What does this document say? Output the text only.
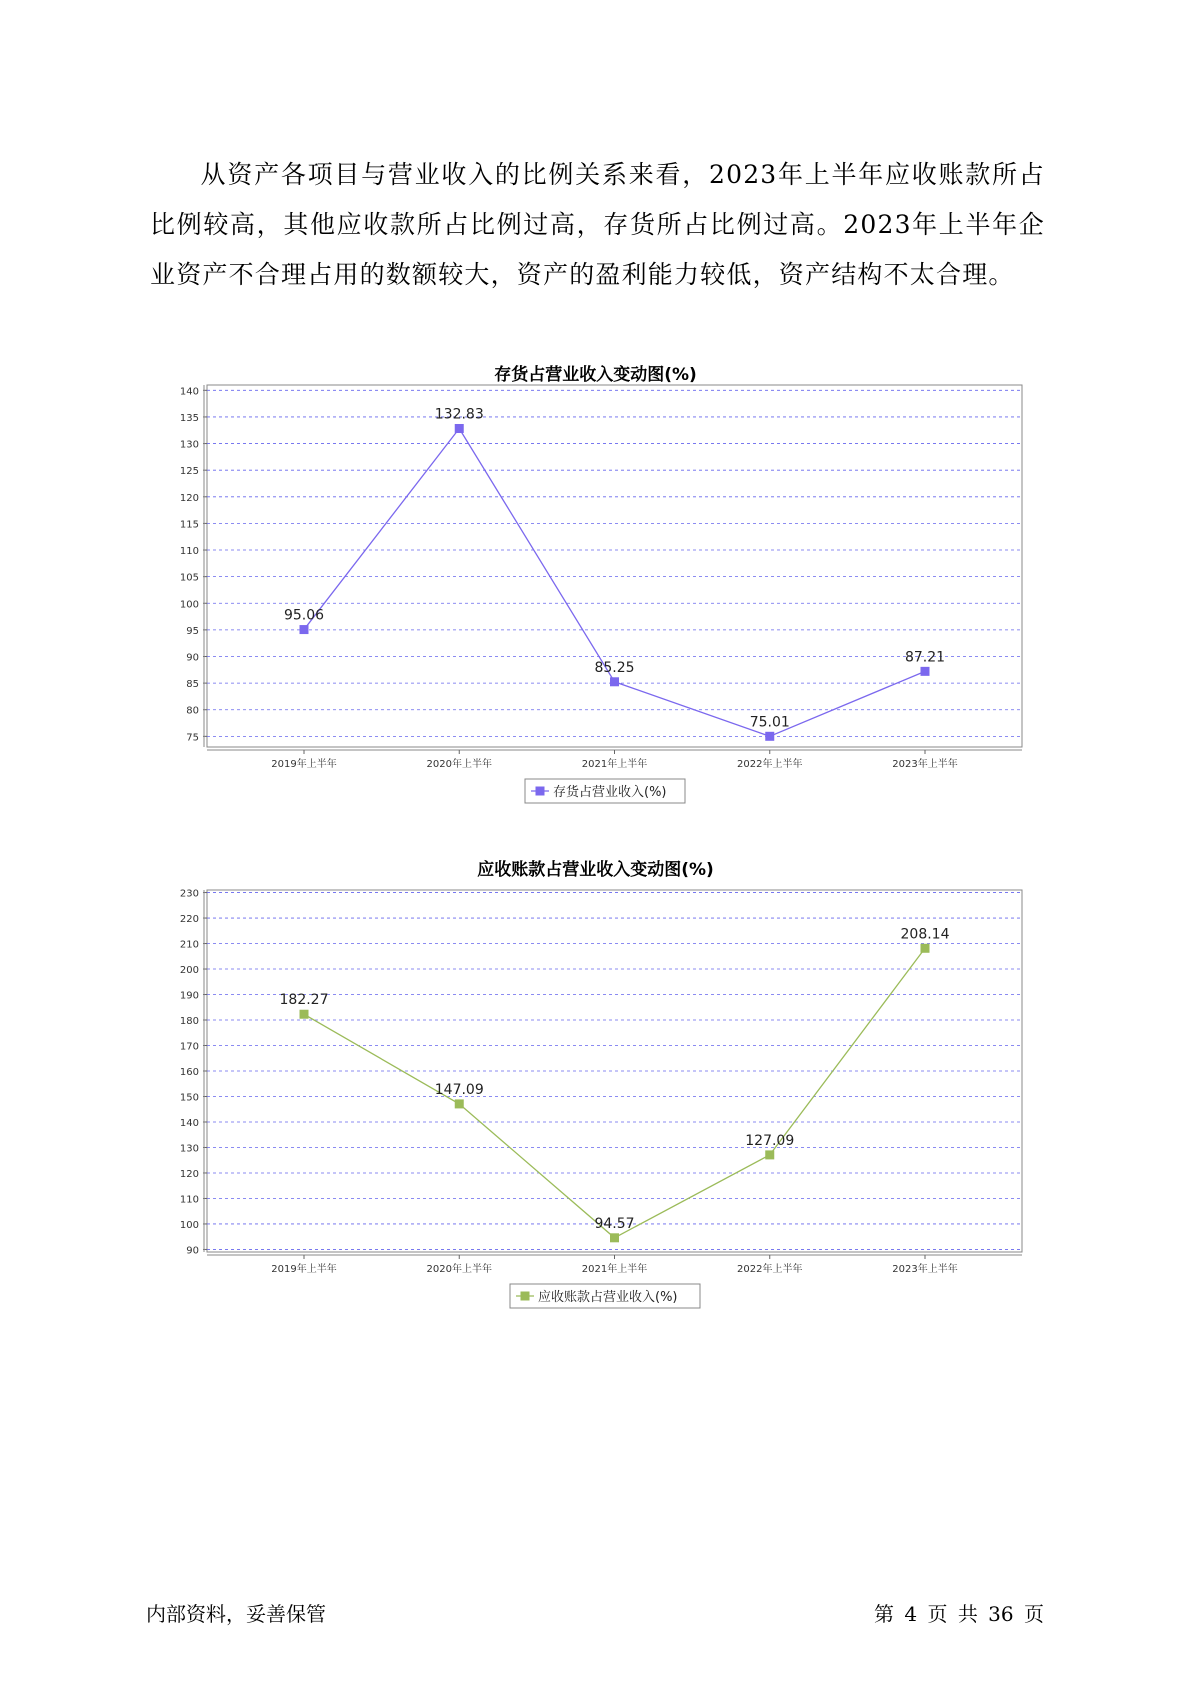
从资产各项目与营业收入的比例关系来看，2023年上半年应收账款所占比例较高，其他应收款所占比例过高，存货所占比例过高。2023年上半年企业资产不合理占用的数额较大，资产的盈利能力较低，资产结构不太合理。

存货占营业收入变动图(%)
75
80
85
90
95
100
105
110
115
120
125
130
135
140
2019年上半年	2020年上半年	2021年上半年	2022年上半年	2023年上半年
95.06
132.83
85.25
75.01
87.21
存货占营业收入(%)
应收账款占营业收入变动图(%)
90
100
110
120
130
140
150
160
170
180
190
200
210
220
230
2019年上半年	2020年上半年	2021年上半年	2022年上半年	2023年上半年
182.27
147.09
94.57
127.09
208.14
应收账款占营业收入(%)
内部资料，妥善保管	第 4 页 共 36 页
